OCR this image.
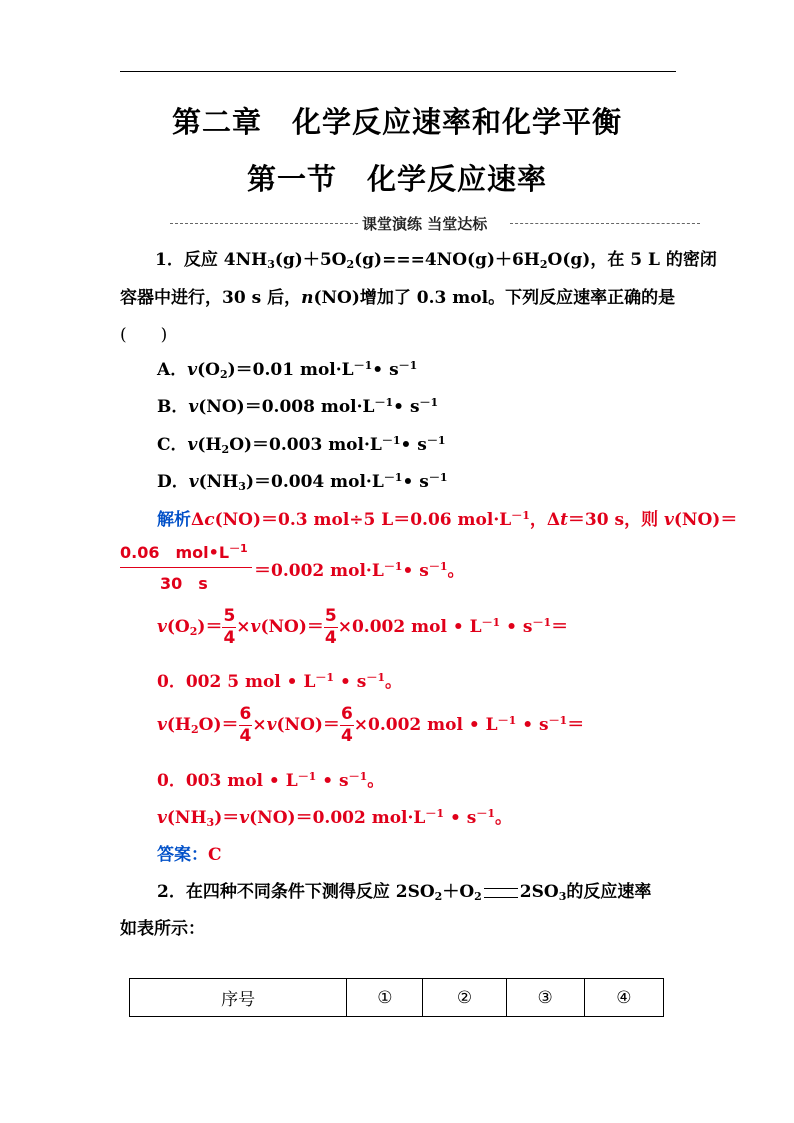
第二章　化学反应速率和化学平衡
第一节　化学反应速率
课堂演练 当堂达标
1．反应 $4NH_3(g)+5O_2(g)===4NO(g)+6H_2O(g)$，在 5 L 的密闭
容器中进行，30 s 后，n(NO)增加了 0.3 mol。下列反应速率正确的是
(　　)
A．$v(O_2)=0.01$ $mol\cdot L^{-1}•$ $s^{-1}$
B．v(NO)＝0.008 $mol\cdot L^{-1}•$ $s^{-1}$
C．$v(H_2O)=0.003$ $mol\cdot L^{-1}•$ $s^{-1}$
D．$v(NH_3)=0.004$ $mol\cdot L^{-1}•$ $s^{-1}$
解析Δc(NO)＝0.3 mol÷5 L＝0.06 $mol\cdot L^{-1}$，Δt＝30 s，则 v(NO)＝
0.06　$mol•L^{-1}$
30　s
＝0.002 $mol\cdot L^{-1}•$ $s^{-1}$。
$v(O_2)= \frac{5}{4} \times v(NO)= \frac{5}{4} \times 0.002$ mol • $L^{-1}$ • $s^{-1}=$
0．002 5 mol • $L^{-1}$ • $s^{-1}$。
$v(H_2O)= \frac{6}{4} \times v(NO)= \frac{6}{4} \times 0.002$ mol • $L^{-1}$ • $s^{-1}=$
0．003 mol • $L^{-1}$ • $s^{-1}$。
$v(NH_3)=v(NO)=0.002$ $mol\cdot L^{-1}$ • $s^{-1}$。
答案：C
2．在四种不同条件下测得反应 $2SO_2+O_2$ $2SO_3$的反应速率
如表所示：
序号	①	②	③	④
